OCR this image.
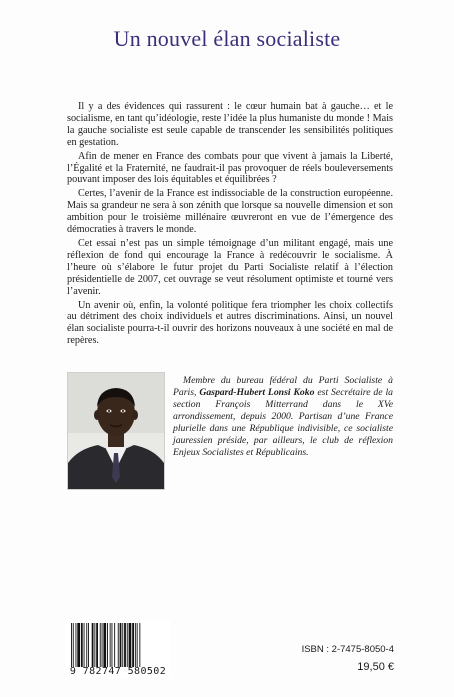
Un nouvel élan socialiste

Il y a des évidences qui rassurent : le cœur humain bat à gauche… et le socialisme, en tant qu’idéologie, reste l’idée la plus humaniste du monde ! Mais la gauche socialiste est seule capable de transcender les sensibilités politiques en gestation.

Afin de mener en France des combats pour que vivent à jamais la Liberté, l’Égalité et la Fraternité, ne faudrait-il pas provoquer de réels bouleversements pouvant imposer des lois équitables et équilibrées ?

Certes, l’avenir de la France est indissociable de la construction européenne. Mais sa grandeur ne sera à son zénith que lorsque sa nouvelle dimension et son ambition pour le troisième millénaire œuvreront en vue de l’émergence des démocraties à travers le monde.

Cet essai n’est pas un simple témoignage d’un militant engagé, mais une réflexion de fond qui encourage la France à redécouvrir le socialisme. À l’heure où s’élabore le futur projet du Parti Socialiste relatif à l’élection présidentielle de 2007, cet ouvrage se veut résolument optimiste et tourné vers l’avenir.

Un avenir où, enfin, la volonté politique fera triompher les choix collectifs au détriment des choix individuels et autres discriminations. Ainsi, un nouvel élan socialiste pourra-t-il ouvrir des horizons nouveaux à une société en mal de repères.

Membre du bureau fédéral du Parti Socialiste à Paris, Gaspard-Hubert Lonsi Koko est Secrétaire de la section François Mitterrand dans le XVe arrondissement, depuis 2000. Partisan d’une France plurielle dans une République indivisible, ce socialiste jauressien préside, par ailleurs, le club de réflexion Enjeux Socialistes et Républicains.

9 782747 580502
ISBN : 2-7475-8050-4
19,50 €
